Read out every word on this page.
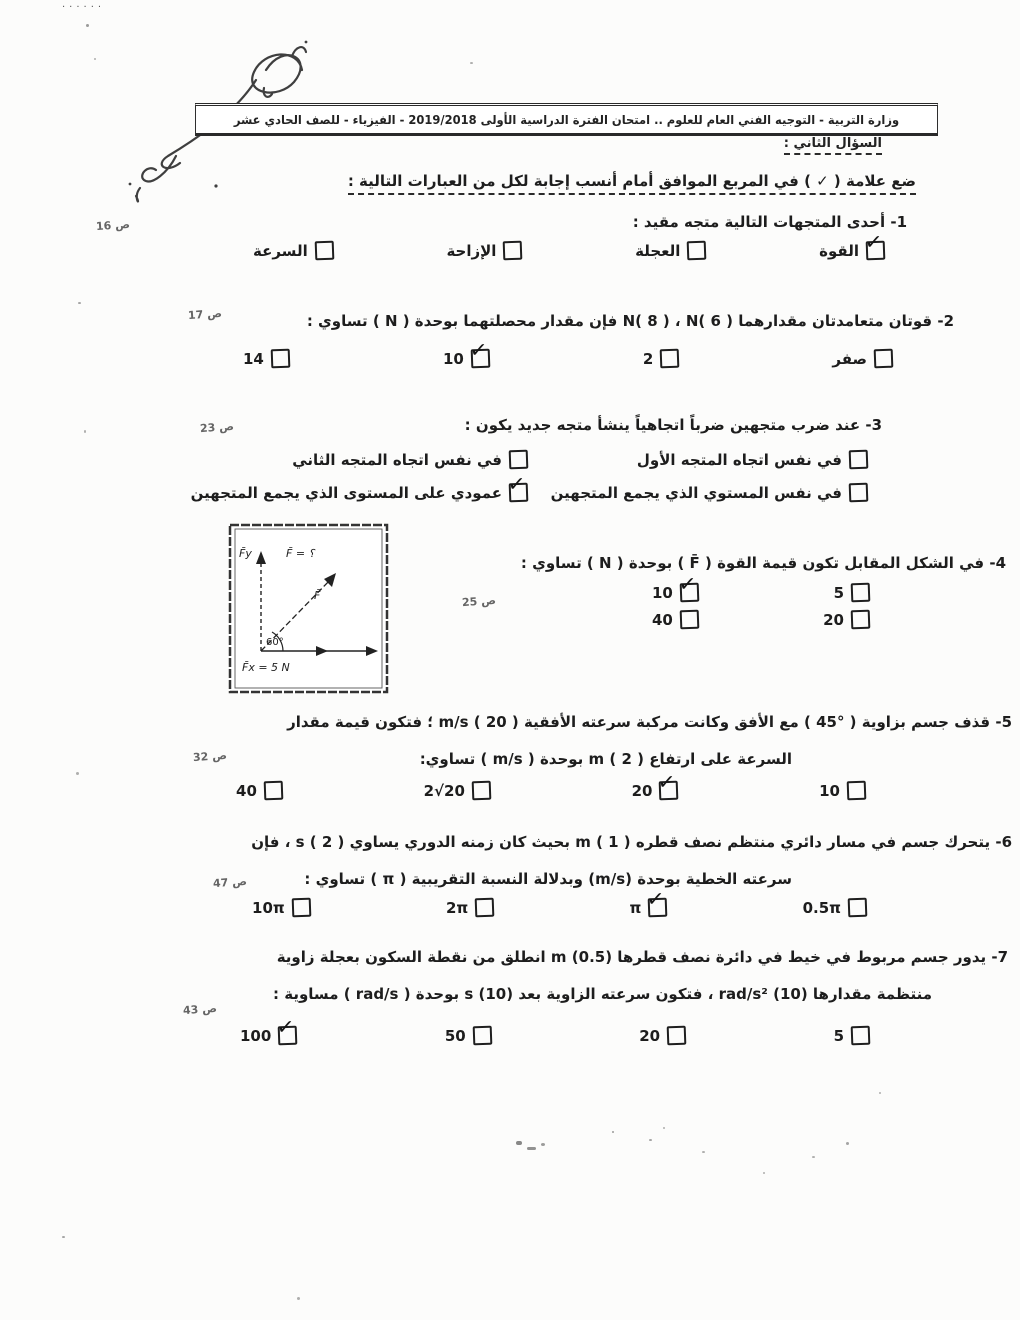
······
وزارة التربية - التوجيه الفني العام للعلوم .. امتحان الفترة الدراسية الأولى 2019/2018 - الفيزياء - للصف الحادي عشر
السؤال الثاني :
ضع علامة ( ✓ ) في المربع الموافق أمام أنسب إجابة لكل من العبارات التالية :
1- أحدى المتجهات التالية متجه مقيد :
ص 16
✓
القوة
العجلة
الإزاحة
السرعة
2- قوتان متعامدتان مقدارهما N( 8 ) ، N( 6 ) فإن مقدار محصلتهما بوحدة ( N ) تساوي :
ص 17
صفر
2
✓
10
14
3- عند ضرب متجهين ضرباً اتجاهياً ينشأ متجه جديد يكون :
ص 23
في نفس اتجاه المتجه الأول
في نفس اتجاه المتجه الثاني
في نفس المستوي الذي يجمع المتجهين
✓
عمودي على المستوى الذي يجمع المتجهين
F̄y	F̄ = ؟
F̄
60°
F̄x = 5 N
4- في الشكل المقابل تكون قيمة القوة ( F̄ ) بوحدة ( N ) تساوي :
ص 25	5
✓
10
20
40
5- قذف جسم بزاوية ( °45 ) مع الأفق وكانت مركبة سرعته الأفقية m/s ( 20 ) ؛ فتكون قيمة مقدار
السرعة على ارتفاع m ( 2 ) بوحدة ( m/s ) تساوي:
ص 32
10
✓
20
20√2
40
6- يتحرك جسم في مسار دائري منتظم نصف قطره m ( 1 ) بحيث كان زمنه الدوري يساوي s ( 2 ) ، فإن
سرعته الخطية بوحدة (m/s) وبدلالة النسبة التقريبية ( π ) تساوي :
ص 47
0.5π
✓
π
2π
10π
7- يدور جسم مربوط في خيط في دائرة نصف قطرها m (0.5) انطلق من نقطة السكون بعجلة زاوية
منتظمة مقدارها rad/s² (10) ، فتكون سرعته الزاوية بعد s (10) بوحدة ( rad/s ) مساوية :
ص 43
5
20
50
✓
100
